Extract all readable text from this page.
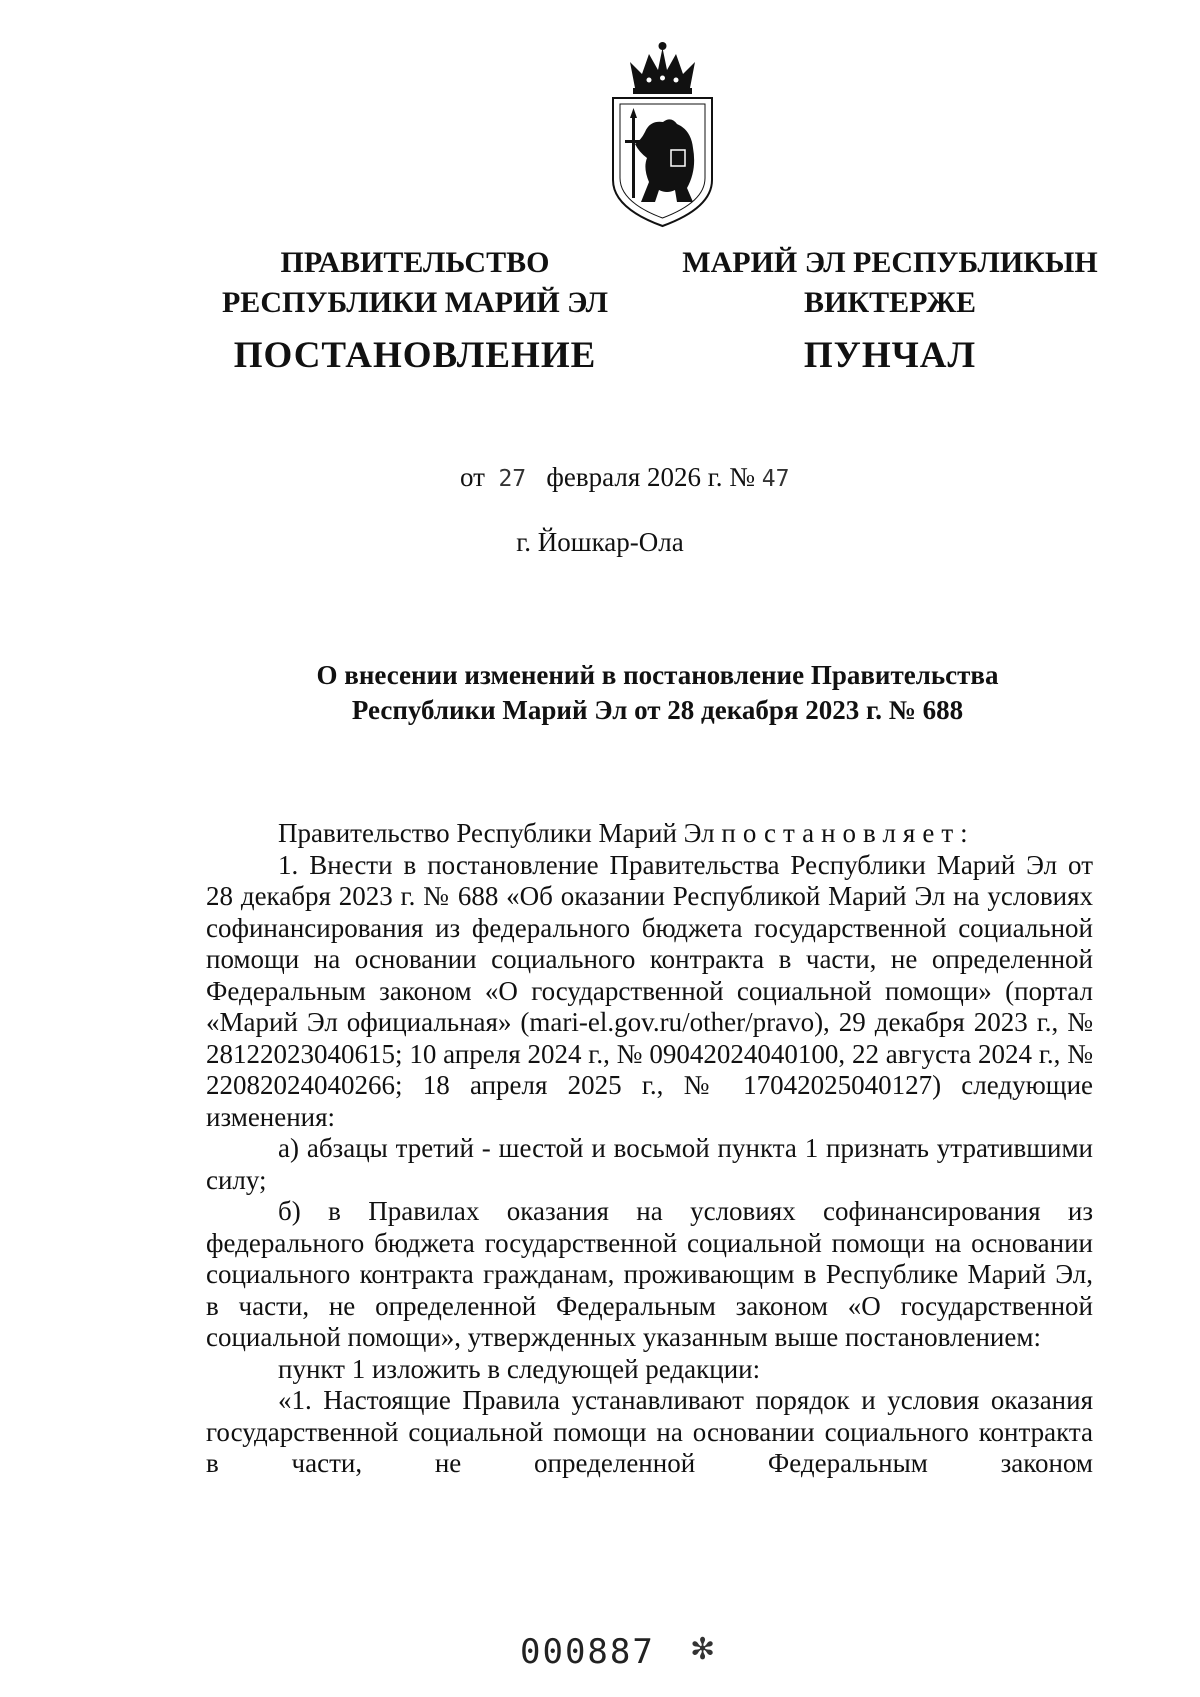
ПРАВИТЕЛЬСТВО
РЕСПУБЛИКИ МАРИЙ ЭЛ
МАРИЙ ЭЛ РЕСПУБЛИКЫН
ВИКТЕРЖЕ
ПОСТАНОВЛЕНИЕ	ПУНЧАЛ
от 27 февраля 2026 г. № 47
г. Йошкар-Ола
О внесении изменений в постановление Правительства
Республики Марий Эл от 28 декабря 2023 г. № 688

Правительство Республики Марий Эл постановляет:

1. Внести в постановление Правительства Республики Марий Эл от 28 декабря 2023 г. № 688 «Об оказании Республикой Марий Эл на условиях софинансирования из федерального бюджета государственной социальной помощи на основании социального контракта в части, не определенной Федеральным законом «О государственной социальной помощи» (портал «Марий Эл официальная» (mari-el.gov.ru/other/pravo), 29 декабря 2023 г., № 28122023040615; 10 апреля 2024 г., № 09042024040100, 22 августа 2024 г., № 22082024040266; 18 апреля 2025 г., № 17042025040127) следующие изменения:

а) абзацы третий - шестой и восьмой пункта 1 признать утратившими силу;

б) в Правилах оказания на условиях софинансирования из федерального бюджета государственной социальной помощи на основании социального контракта гражданам, проживающим в Республике Марий Эл, в части, не определенной Федеральным законом «О государственной социальной помощи», утвержденных указанным выше постановлением:

пункт 1 изложить в следующей редакции:

«1. Настоящие Правила устанавливают порядок и условия оказания государственной социальной помощи на основании социального контракта в части, не определенной Федеральным законом

000887 ✻
